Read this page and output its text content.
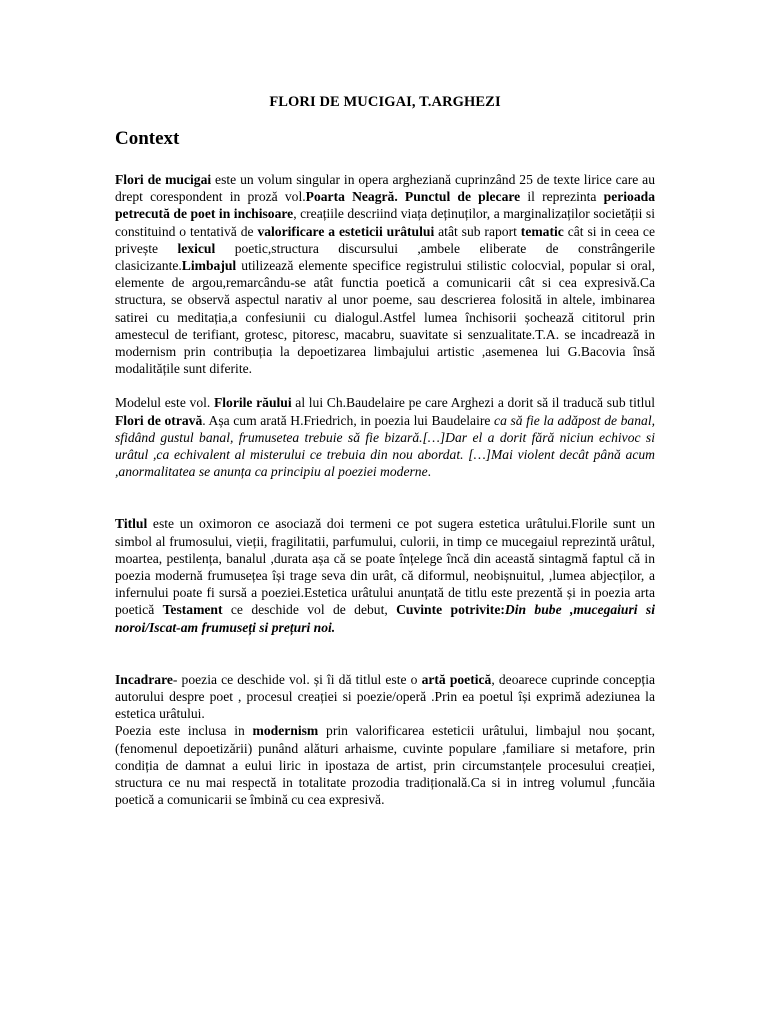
FLORI DE MUCIGAI, T.ARGHEZI
Context

Flori de mucigai este un volum singular in opera argheziană cuprinzând 25 de texte lirice care au drept corespondent in proză vol.Poarta Neagră. Punctul de plecare il reprezinta perioada petrecută de poet in inchisoare, creațiile descriind viața deținuților, a marginalizaților societății si constituind o tentativă de valorificare a esteticii urâtului atât sub raport tematic cât si in ceea ce privește lexicul poetic,structura discursului ,ambele eliberate de constrângerile clasicizante.Limbajul utilizează elemente specifice registrului stilistic colocvial, popular si oral, elemente de argou,remarcându-se atât functia poetică a comunicarii cât si cea expresivă.Ca structura, se observă aspectul narativ al unor poeme, sau descrierea folosită in altele, imbinarea satirei cu meditația,a confesiunii cu dialogul.Astfel lumea închisorii șochează cititorul prin amestecul de terifiant, grotesc, pitoresc, macabru, suavitate si senzualitate.T.A. se incadrează in modernism prin contribuția la depoetizarea limbajului artistic ,asemenea lui G.Bacovia însă modalitățile sunt diferite.

Modelul este vol. Florile răului al lui Ch.Baudelaire pe care Arghezi a dorit să il traducă sub titlul Flori de otravă. Așa cum arată H.Friedrich, in poezia lui Baudelaire ca să fie la adăpost de banal, sfidând gustul banal, frumusetea trebuie să fie bizară.[…]Dar el a dorit fără niciun echivoc si urâtul ,ca echivalent al misterului ce trebuia din nou abordat. […]Mai violent decât până acum ,anormalitatea se anunța ca principiu al poeziei moderne.

Titlul este un oximoron ce asociază doi termeni ce pot sugera estetica urâtului.Florile sunt un simbol al frumosului, vieții, fragilitatii, parfumului, culorii, in timp ce mucegaiul reprezintă urâtul, moartea, pestilența, banalul ,durata așa că se poate înțelege încă din această sintagmă faptul că in poezia modernă frumusețea își trage seva din urât, că diformul, neobișnuitul, ,lumea abjecților, a infernului poate fi sursă a poeziei.Estetica urâtului anunțată de titlu este prezentă și in poezia arta poetică Testament ce deschide vol de debut, Cuvinte potrivite:Din bube ,mucegaiuri si noroi/Iscat-am frumuseți si prețuri noi.

Incadrare- poezia ce deschide vol. și îi dă titlul este o artă poetică, deoarece cuprinde concepția autorului despre poet , procesul creației si poezie/operă .Prin ea poetul își exprimă adeziunea la estetica urâtului.

Poezia este inclusa in modernism prin valorificarea esteticii urâtului, limbajul nou șocant, (fenomenul depoetizării) punând alături arhaisme, cuvinte populare ,familiare si metafore, prin condiția de damnat a eului liric in ipostaza de artist, prin circumstanțele procesului creației, structura ce nu mai respectă in totalitate prozodia tradițională.Ca si in intreg volumul ,funcăia poetică a comunicarii se îmbină cu cea expresivă.
